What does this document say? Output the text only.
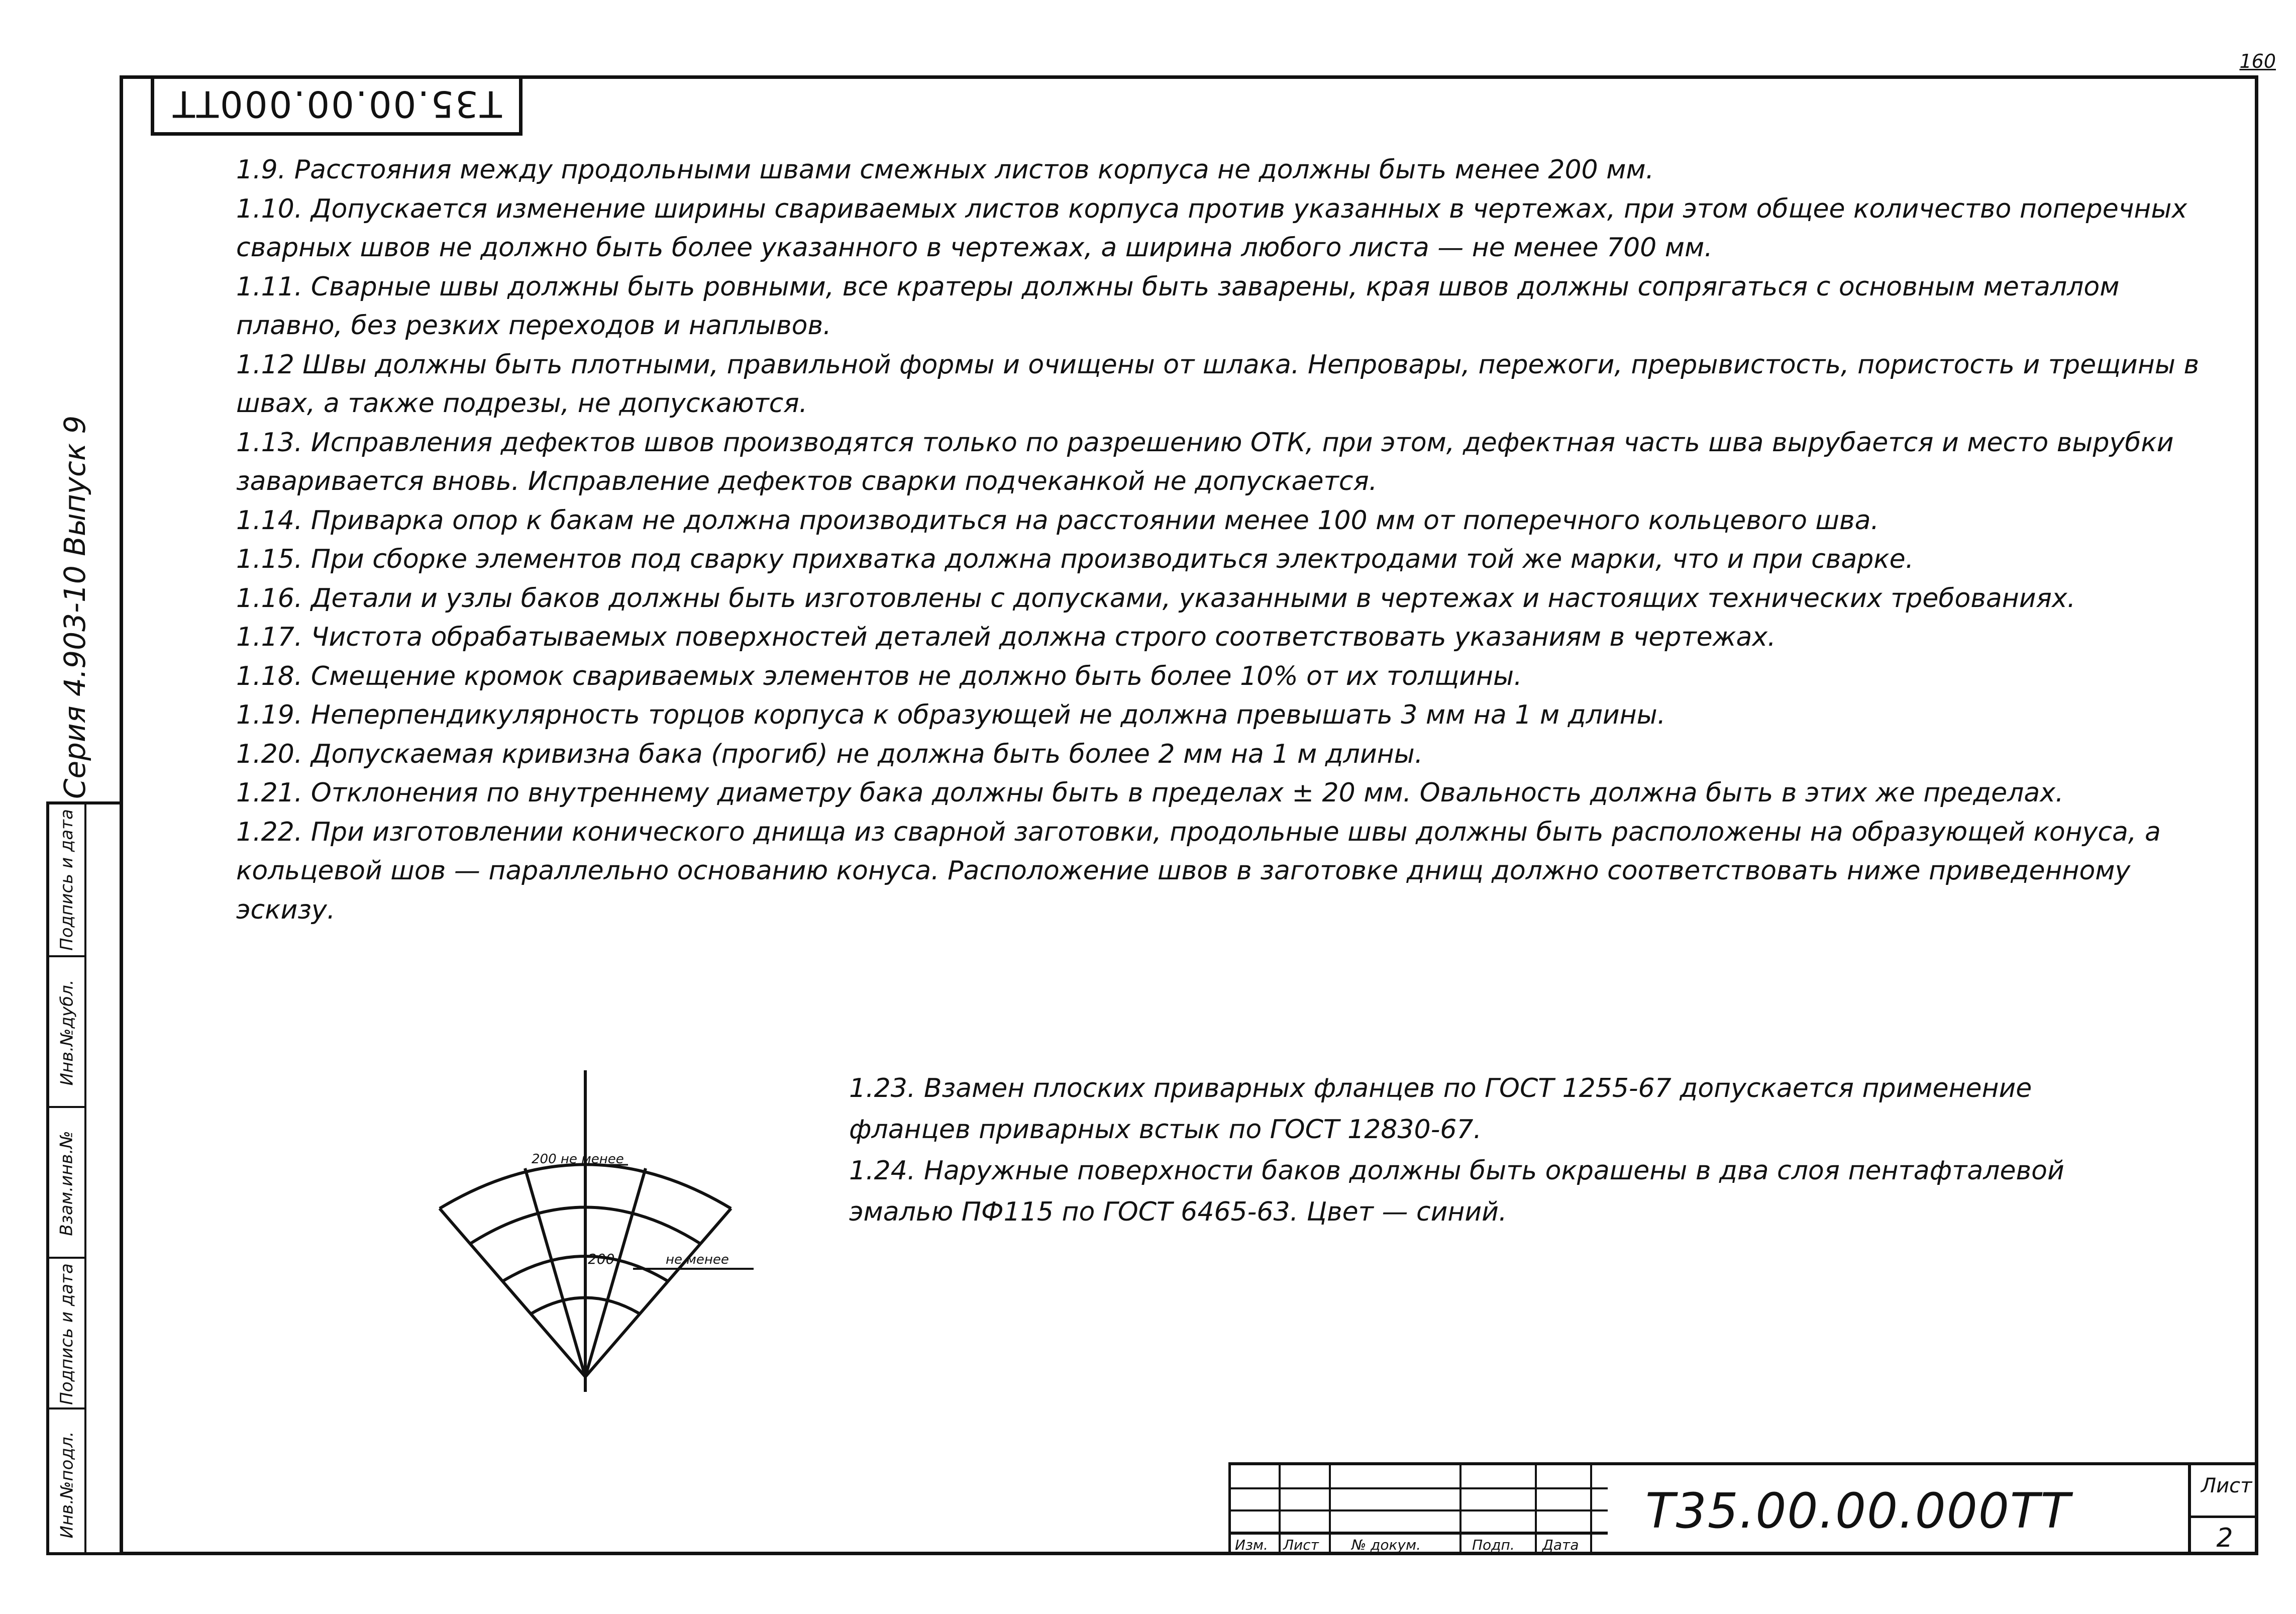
160
Серия 4.903-10 Выпуск 9
Подпись и дата
Инв.№дубл.
Взам.инв.№
Подпись и дата
Инв.№подл.
Т35.00.00.000ТТ

1.9. Расстояния между продольными швами смежных листов корпуса не должны быть менее 200 мм.

1.10. Допускается изменение ширины свариваемых листов корпуса против указанных в чертежах, при этом общее количество поперечных сварных швов не должно быть более указанного в чертежах, а ширина любого листа — не менее 700 мм.

1.11. Сварные швы должны быть ровными, все кратеры должны быть заварены, края швов должны сопрягаться с основным металлом плавно, без резких переходов и наплывов.

1.12 Швы должны быть плотными, правильной формы и очищены от шлака. Непровары, пережоги, прерывистость, пористость и трещины в швах, а также подрезы, не допускаются.

1.13. Исправления дефектов швов производятся только по разрешению ОТК, при этом, дефектная часть шва вырубается и место вырубки заваривается вновь. Исправление дефектов сварки подчеканкой не допускается.

1.14. Приварка опор к бакам не должна производиться на расстоянии менее 100 мм от поперечного кольцевого шва.

1.15. При сборке элементов под сварку прихватка должна производиться электродами той же марки, что и при сварке.

1.16. Детали и узлы баков должны быть изготовлены с допусками, указанными в чертежах и настоящих технических требованиях.

1.17. Чистота обрабатываемых поверхностей деталей должна строго соответствовать указаниям в чертежах.

1.18. Смещение кромок свариваемых элементов не должно быть более 10% от их толщины.

1.19. Неперпендикулярность торцов корпуса к образующей не должна превышать 3 мм на 1 м длины.

1.20. Допускаемая кривизна бака (прогиб) не должна быть более 2 мм на 1 м длины.

1.21. Отклонения по внутреннему диаметру бака должны быть в пределах ± 20 мм. Овальность должна быть в этих же пределах.

1.22. При изготовлении конического днища из сварной заготовки, продольные швы должны быть расположены на образующей конуса, а кольцевой шов — параллельно основанию конуса. Расположение швов в заготовке днищ должно соответствовать ниже приведенному эскизу.

200 не менее
200	не менее

1.23. Взамен плоских приварных фланцев по ГОСТ 1255-67 допускается применение фланцев приварных встык по ГОСТ 12830-67.

1.24. Наружные поверхности баков должны быть окрашены в два слоя пентафталевой эмалью ПФ115 по ГОСТ 6465-63. Цвет — синий.

Изм. Лист № докум.	Подп. Дата
Т35.00.00.000ТТ	Лист
2
